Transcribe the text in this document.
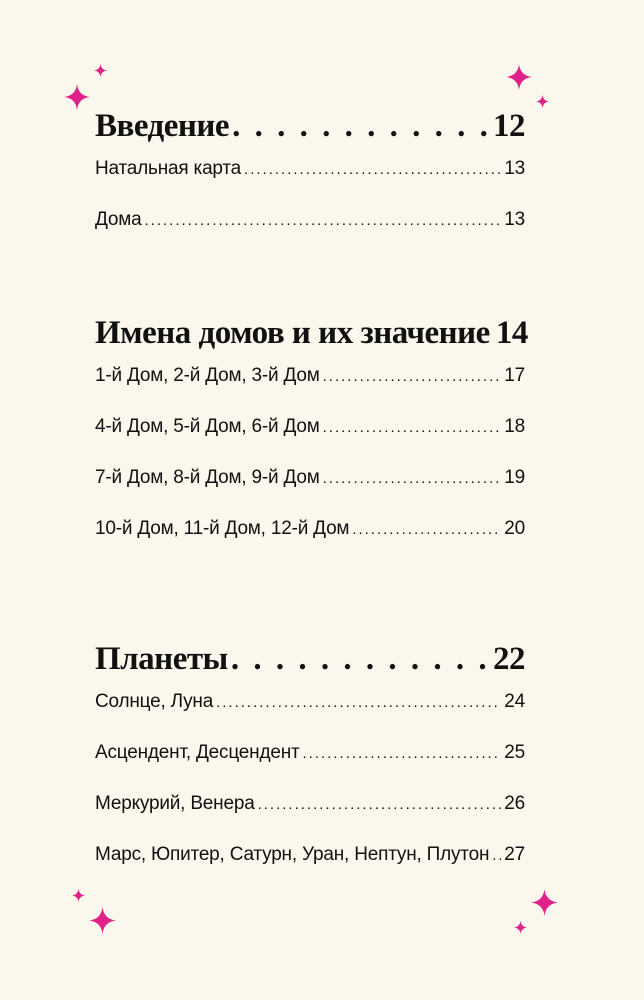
Введение . . .	12
Натальная карта .....	13
Дома .....	13
Имена домов и их значение 14
1-й Дом, 2-й Дом, 3-й Дом .....	17
4-й Дом, 5-й Дом, 6-й Дом .....	18
7-й Дом, 8-й Дом, 9-й Дом .....	19
10-й Дом, 11-й Дом, 12-й Дом .....	20
Планеты . . .	22
Солнце, Луна .....	24
Асцендент, Десцендент .....	25
Меркурий, Венера .....	26
Марс, Юпитер, Сатурн, Уран, Нептун, Плутон ..... 27
